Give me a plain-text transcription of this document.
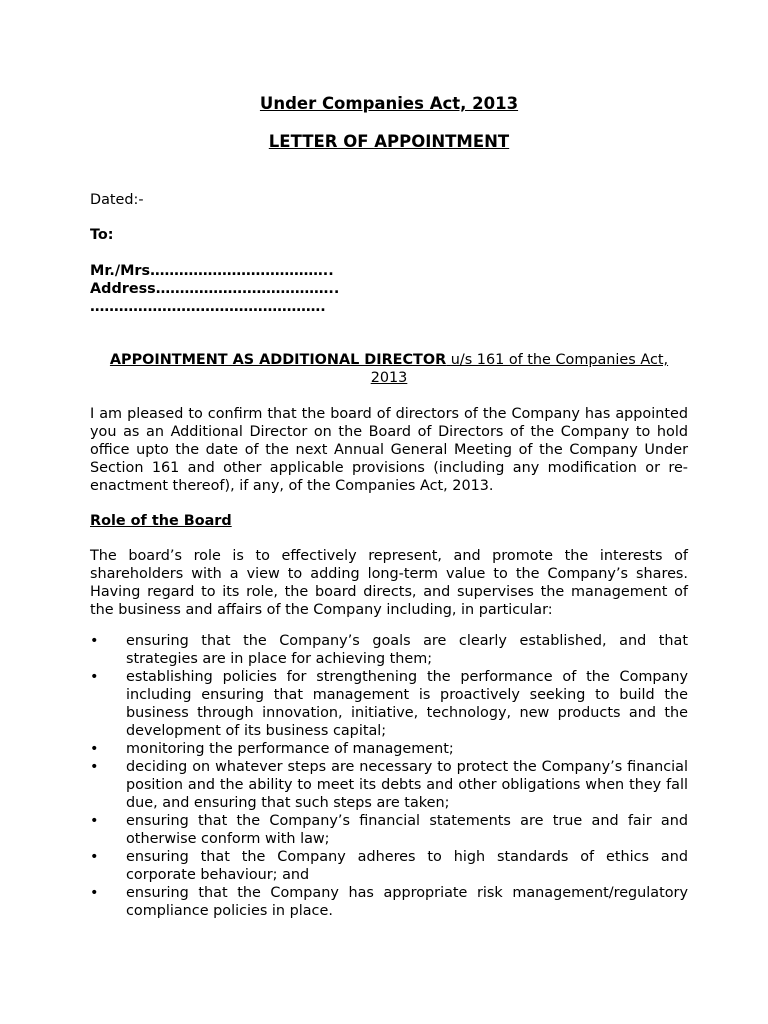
Under Companies Act, 2013
LETTER OF APPOINTMENT
Dated:-
To:
Mr./Mrs………………………………..
Address………………………………..
………………………………………….
APPOINTMENT AS ADDITIONAL DIRECTOR u/s 161 of the Companies Act, 2013
I am pleased to confirm that the board of directors of the Company has appointed you as an Additional Director on the Board of Directors of the Company to hold office upto the date of the next Annual General Meeting of the Company Under Section 161 and other applicable provisions (including any modification or re-enactment thereof), if any, of the Companies Act, 2013.
Role of the Board
The board’s role is to effectively represent, and promote the interests of shareholders with a view to adding long-term value to the Company’s shares. Having regard to its role, the board directs, and supervises the management of the business and affairs of the Company including, in particular:
• ensuring that the Company’s goals are clearly established, and that strategies are in place for achieving them;
• establishing policies for strengthening the performance of the Company including ensuring that management is proactively seeking to build the business through innovation, initiative, technology, new products and the development of its business capital;
• monitoring the performance of management;
• deciding on whatever steps are necessary to protect the Company’s financial position and the ability to meet its debts and other obligations when they fall due, and ensuring that such steps are taken;
• ensuring that the Company’s financial statements are true and fair and otherwise conform with law;
• ensuring that the Company adheres to high standards of ethics and corporate behaviour; and
• ensuring that the Company has appropriate risk management/regulatory compliance policies in place.
